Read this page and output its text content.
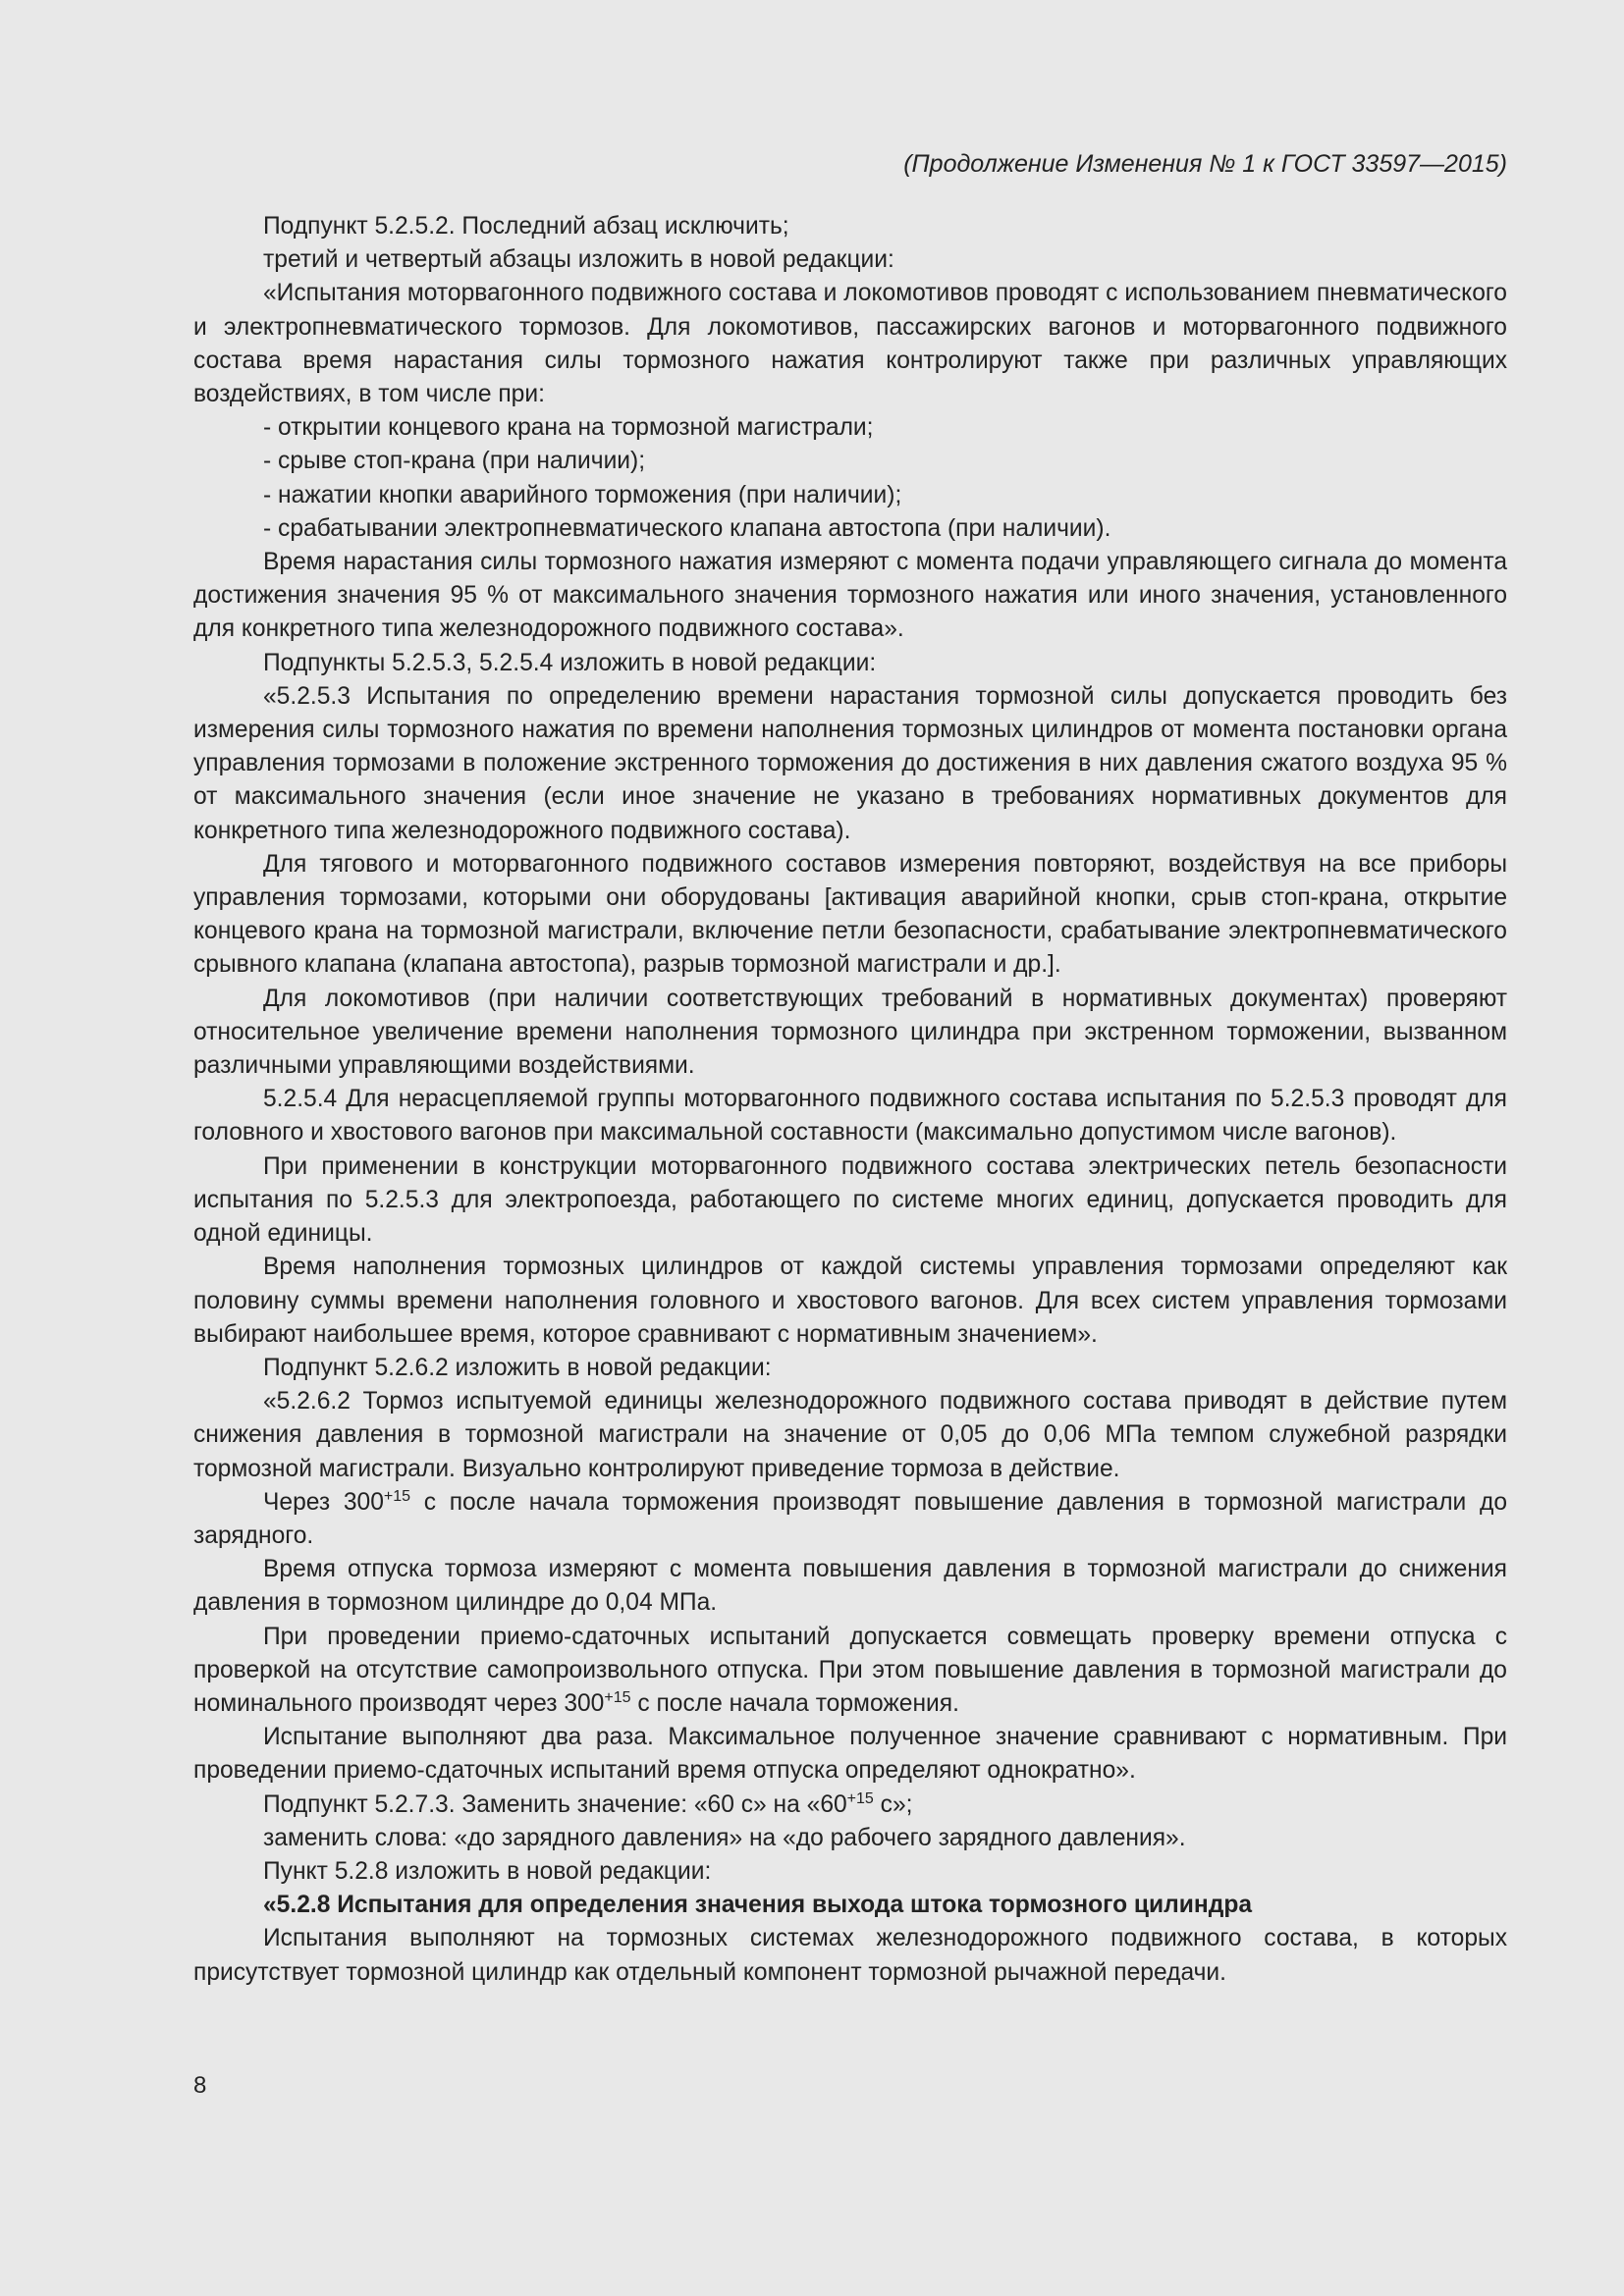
(Продолжение Изменения № 1 к ГОСТ 33597—2015)

Подпункт 5.2.5.2. Последний абзац исключить;

третий и четвертый абзацы изложить в новой редакции:

«Испытания моторвагонного подвижного состава и локомотивов проводят с использованием пневматического и электропневматического тормозов. Для локомотивов, пассажирских вагонов и моторвагонного подвижного состава время нарастания силы тормозного нажатия контролируют также при различных управляющих воздействиях, в том числе при:

- открытии концевого крана на тормозной магистрали;

- срыве стоп-крана (при наличии);

- нажатии кнопки аварийного торможения (при наличии);

- срабатывании электропневматического клапана автостопа (при наличии).

Время нарастания силы тормозного нажатия измеряют с момента подачи управляющего сигнала до момента достижения значения 95 % от максимального значения тормозного нажатия или иного значения, установленного для конкретного типа железнодорожного подвижного состава».

Подпункты 5.2.5.3, 5.2.5.4 изложить в новой редакции:

«5.2.5.3 Испытания по определению времени нарастания тормозной силы допускается проводить без измерения силы тормозного нажатия по времени наполнения тормозных цилиндров от момента постановки органа управления тормозами в положение экстренного торможения до достижения в них давления сжатого воздуха 95 % от максимального значения (если иное значение не указано в требованиях нормативных документов для конкретного типа железнодорожного подвижного состава).

Для тягового и моторвагонного подвижного составов измерения повторяют, воздействуя на все приборы управления тормозами, которыми они оборудованы [активация аварийной кнопки, срыв стоп-крана, открытие концевого крана на тормозной магистрали, включение петли безопасности, срабатывание электропневматического срывного клапана (клапана автостопа), разрыв тормозной магистрали и др.].

Для локомотивов (при наличии соответствующих требований в нормативных документах) проверяют относительное увеличение времени наполнения тормозного цилиндра при экстренном торможении, вызванном различными управляющими воздействиями.

5.2.5.4 Для нерасцепляемой группы моторвагонного подвижного состава испытания по 5.2.5.3 проводят для головного и хвостового вагонов при максимальной составности (максимально допустимом числе вагонов).

При применении в конструкции моторвагонного подвижного состава электрических петель безопасности испытания по 5.2.5.3 для электропоезда, работающего по системе многих единиц, допускается проводить для одной единицы.

Время наполнения тормозных цилиндров от каждой системы управления тормозами определяют как половину суммы времени наполнения головного и хвостового вагонов. Для всех систем управления тормозами выбирают наибольшее время, которое сравнивают с нормативным значением».

Подпункт 5.2.6.2 изложить в новой редакции:

«5.2.6.2 Тормоз испытуемой единицы железнодорожного подвижного состава приводят в действие путем снижения давления в тормозной магистрали на значение от 0,05 до 0,06 МПа темпом служебной разрядки тормозной магистрали. Визуально контролируют приведение тормоза в действие.

Через $300^{+15}$ с после начала торможения производят повышение давления в тормозной магистрали до зарядного.

Время отпуска тормоза измеряют с момента повышения давления в тормозной магистрали до снижения давления в тормозном цилиндре до 0,04 МПа.

При проведении приемо-сдаточных испытаний допускается совмещать проверку времени отпуска с проверкой на отсутствие самопроизвольного отпуска. При этом повышение давления в тормозной магистрали до номинального производят через $300^{+15}$ с после начала торможения.

Испытание выполняют два раза. Максимальное полученное значение сравнивают с нормативным. При проведении приемо-сдаточных испытаний время отпуска определяют однократно».

Подпункт 5.2.7.3. Заменить значение: «60 с» на «$60^{+15}$ с»;

заменить слова: «до зарядного давления» на «до рабочего зарядного давления».

Пункт 5.2.8 изложить в новой редакции:

«5.2.8 Испытания для определения значения выхода штока тормозного цилиндра

Испытания выполняют на тормозных системах железнодорожного подвижного состава, в которых присутствует тормозной цилиндр как отдельный компонент тормозной рычажной передачи.

8
